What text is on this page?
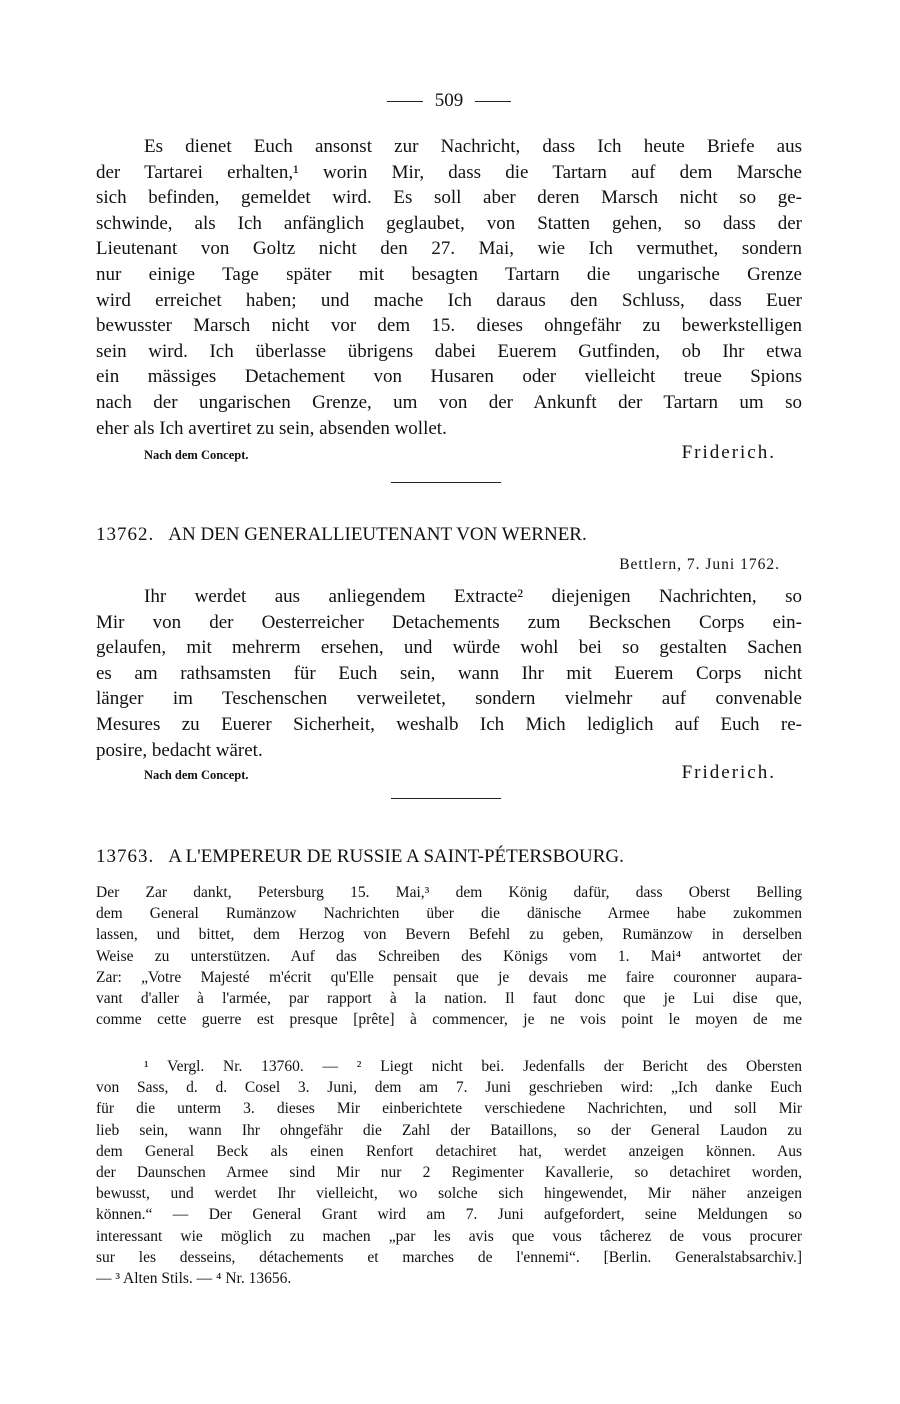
509

Es dienet Euch ansonst zur Nachricht, dass Ich heute Briefe aus
der Tartarei erhalten,¹ worin Mir, dass die Tartarn auf dem Marsche
sich befinden, gemeldet wird. Es soll aber deren Marsch nicht so ge-
schwinde, als Ich anfänglich geglaubet, von Statten gehen, so dass der
Lieutenant von Goltz nicht den 27. Mai, wie Ich vermuthet, sondern
nur einige Tage später mit besagten Tartarn die ungarische Grenze
wird erreichet haben; und mache Ich daraus den Schluss, dass Euer
bewusster Marsch nicht vor dem 15. dieses ohngefähr zu bewerkstelligen
sein wird. Ich überlasse übrigens dabei Euerem Gutfinden, ob Ihr etwa
ein mässiges Detachement von Husaren oder vielleicht treue Spions
nach der ungarischen Grenze, um von der Ankunft der Tartarn um so
eher als Ich avertiret zu sein, absenden wollet.

Nach dem Concept.	Friderich.
13762. AN DEN GENERALLIEUTENANT VON WERNER.
Bettlern, 7. Juni 1762.

Ihr werdet aus anliegendem Extracte² diejenigen Nachrichten, so
Mir von der Oesterreicher Detachements zum Beckschen Corps ein-
gelaufen, mit mehrerm ersehen, und würde wohl bei so gestalten Sachen
es am rathsamsten für Euch sein, wann Ihr mit Euerem Corps nicht
länger im Teschenschen verweiletet, sondern vielmehr auf convenable
Mesures zu Euerer Sicherheit, weshalb Ich Mich lediglich auf Euch re-
posire, bedacht wäret.

Nach dem Concept.	Friderich.
13763. A L'EMPEREUR DE RUSSIE A SAINT-PÉTERSBOURG.

Der Zar dankt, Petersburg 15. Mai,³ dem König dafür, dass Oberst Belling
dem General Rumänzow Nachrichten über die dänische Armee habe zukommen
lassen, und bittet, dem Herzog von Bevern Befehl zu geben, Rumänzow in derselben
Weise zu unterstützen. Auf das Schreiben des Königs vom 1. Mai⁴ antwortet der
Zar: „Votre Majesté m'écrit qu'Elle pensait que je devais me faire couronner aupara-
vant d'aller à l'armée, par rapport à la nation. Il faut donc que je Lui dise que,
comme cette guerre est presque [prête] à commencer, je ne vois point le moyen de me

¹ Vergl. Nr. 13760. — ² Liegt nicht bei. Jedenfalls der Bericht des Obersten
von Sass, d. d. Cosel 3. Juni, dem am 7. Juni geschrieben wird: „Ich danke Euch
für die unterm 3. dieses Mir einberichtete verschiedene Nachrichten, und soll Mir
lieb sein, wann Ihr ohngefähr die Zahl der Bataillons, so der General Laudon zu
dem General Beck als einen Renfort detachiret hat, werdet anzeigen können. Aus
der Daunschen Armee sind Mir nur 2 Regimenter Kavallerie, so detachiret worden,
bewusst, und werdet Ihr vielleicht, wo solche sich hingewendet, Mir näher anzeigen
können.“ — Der General Grant wird am 7. Juni aufgefordert, seine Meldungen so
interessant wie möglich zu machen „par les avis que vous tâcherez de vous procurer
sur les desseins, détachements et marches de l'ennemi“. [Berlin. Generalstabsarchiv.]
— ³ Alten Stils. — ⁴ Nr. 13656.
